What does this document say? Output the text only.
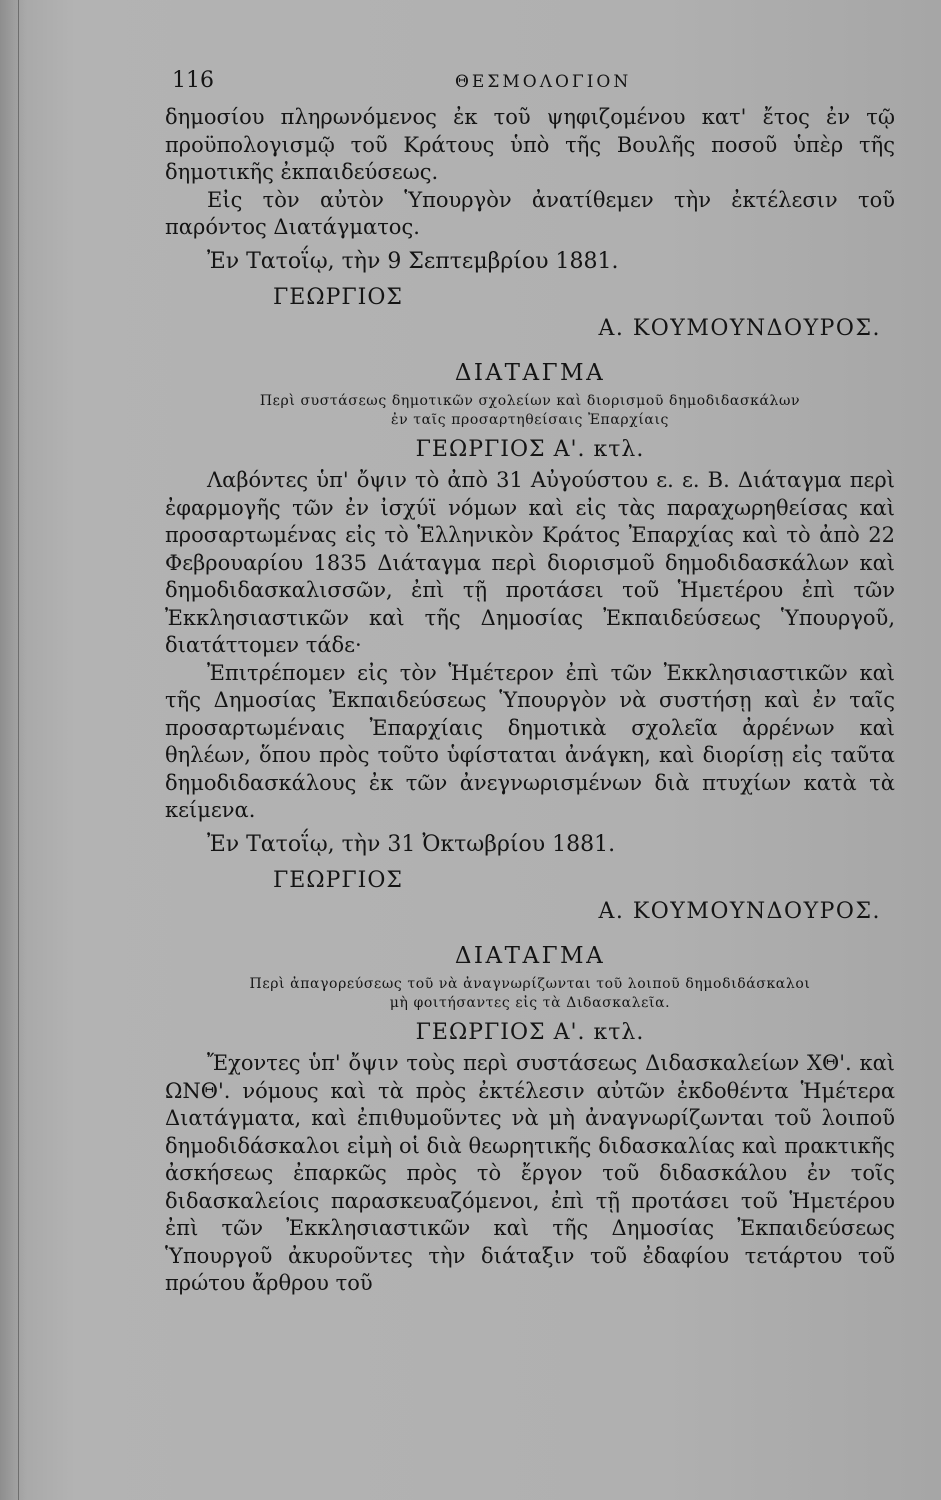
116	ΘΕΣΜΟΛΟΓΙΟΝ

δημοσίου πληρωνόμενος ἐκ τοῦ ψηφιζομένου κατ' ἔτος ἐν τῷ προϋπολογισμῷ τοῦ Κράτους ὑπὸ τῆς Βουλῆς ποσοῦ ὑπὲρ τῆς δημοτικῆς ἐκπαιδεύσεως.

Εἰς τὸν αὐτὸν Ὑπουργὸν ἀνατίθεμεν τὴν ἐκτέλεσιν τοῦ παρόντος Διατάγματος.

Ἐν Τατοΐῳ, τὴν 9 Σεπτεμβρίου 1881.
ΓΕΩΡΓΙΟΣ
Α. ΚΟΥΜΟΥΝΔΟΥΡΟΣ.
ΔΙΑΤΑΓΜΑ
Περὶ συστάσεως δημοτικῶν σχολείων καὶ διορισμοῦ δημοδιδασκάλων
ἐν ταῖς προσαρτηθείσαις Ἐπαρχίαις
ΓΕΩΡΓΙΟΣ Α'. κτλ.

Λαβόντες ὑπ' ὄψιν τὸ ἀπὸ 31 Αὐγούστου ε. ε. Β. Διάταγμα περὶ ἐφαρμογῆς τῶν ἐν ἰσχύϊ νόμων καὶ εἰς τὰς παραχωρηθείσας καὶ προσαρτωμένας εἰς τὸ Ἑλληνικὸν Κράτος Ἐπαρχίας καὶ τὸ ἀπὸ 22 Φεβρουαρίου 1835 Διάταγμα περὶ διορισμοῦ δημοδιδασκάλων καὶ δημοδιδασκαλισσῶν, ἐπὶ τῇ προτάσει τοῦ Ἡμετέρου ἐπὶ τῶν Ἐκκλησιαστικῶν καὶ τῆς Δημοσίας Ἐκπαιδεύσεως Ὑπουργοῦ, διατάττομεν τάδε·

Ἐπιτρέπομεν εἰς τὸν Ἡμέτερον ἐπὶ τῶν Ἐκκλησιαστικῶν καὶ τῆς Δημοσίας Ἐκπαιδεύσεως Ὑπουργὸν νὰ συστήσῃ καὶ ἐν ταῖς προσαρτωμέναις Ἐπαρχίαις δημοτικὰ σχολεῖα ἀρρένων καὶ θηλέων, ὅπου πρὸς τοῦτο ὑφίσταται ἀνάγκη, καὶ διορίσῃ εἰς ταῦτα δημοδιδασκάλους ἐκ τῶν ἀνεγνωρισμένων διὰ πτυχίων κατὰ τὰ κείμενα.

Ἐν Τατοΐῳ, τὴν 31 Ὀκτωβρίου 1881.
ΓΕΩΡΓΙΟΣ
Α. ΚΟΥΜΟΥΝΔΟΥΡΟΣ.
ΔΙΑΤΑΓΜΑ
Περὶ ἀπαγορεύσεως τοῦ νὰ ἀναγνωρίζωνται τοῦ λοιποῦ δημοδιδάσκαλοι
μὴ φοιτήσαντες εἰς τὰ Διδασκαλεῖα.
ΓΕΩΡΓΙΟΣ Α'. κτλ.

Ἔχοντες ὑπ' ὄψιν τοὺς περὶ συστάσεως Διδασκαλείων ΧΘ'. καὶ ΩΝΘ'. νόμους καὶ τὰ πρὸς ἐκτέλεσιν αὐτῶν ἐκδοθέντα Ἡμέτερα Διατάγματα, καὶ ἐπιθυμοῦντες νὰ μὴ ἀναγνωρίζωνται τοῦ λοιποῦ δημοδιδάσκαλοι εἰμὴ οἱ διὰ θεωρητικῆς διδασκαλίας καὶ πρακτικῆς ἀσκήσεως ἐπαρκῶς πρὸς τὸ ἔργον τοῦ διδασκάλου ἐν τοῖς διδασκαλείοις παρασκευαζόμενοι, ἐπὶ τῇ προτάσει τοῦ Ἡμετέρου ἐπὶ τῶν Ἐκκλησιαστικῶν καὶ τῆς Δημοσίας Ἐκπαιδεύσεως Ὑπουργοῦ ἀκυροῦντες τὴν διάταξιν τοῦ ἐδαφίου τετάρτου τοῦ πρώτου ἄρθρου τοῦ
